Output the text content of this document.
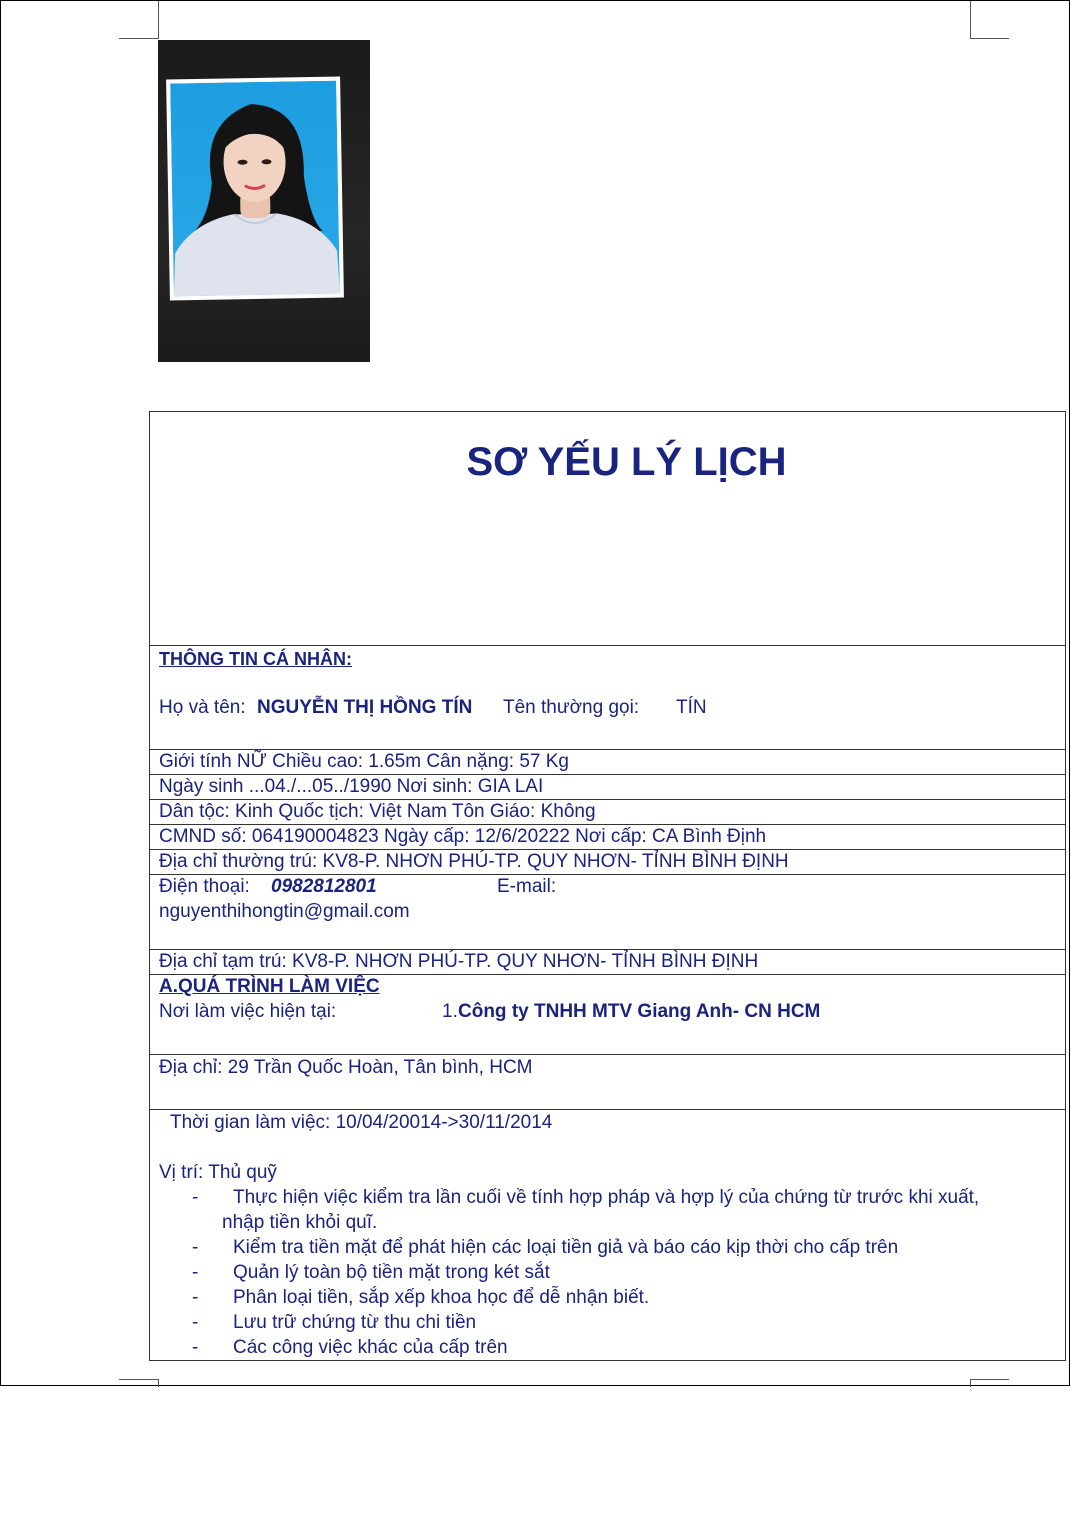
SƠ YẾU LÝ LỊCH
THÔNG TIN CÁ NHÂN:
Họ và tên: NGUYỄN THỊ HỒNG TÍN Tên thường gọi: TÍN
Giới tính NỮ Chiều cao: 1.65m Cân nặng: 57 Kg
Ngày sinh ...04./...05../1990 Nơi sinh: GIA LAI
Dân tộc: Kinh Quốc tịch: Việt Nam Tôn Giáo: Không
CMND số: 064190004823 Ngày cấp: 12/6/20222 Nơi cấp: CA Bình Định
Địa chỉ thường trú: KV8-P. NHƠN PHÚ-TP. QUY NHƠN- TỈNH BÌNH ĐỊNH
Điện thoại: 0982812801	E-mail:
nguyenthihongtin@gmail.com
Địa chỉ tạm trú: KV8-P. NHƠN PHÚ-TP. QUY NHƠN- TỈNH BÌNH ĐỊNH
A.QUÁ TRÌNH LÀM VIỆC
Nơi làm việc hiện tại:	1. Công ty TNHH MTV Giang Anh- CN HCM
Địa chỉ: 29 Trần Quốc Hoàn, Tân bình, HCM
Thời gian làm việc: 10/04/20014->30/11/2014
Vị trí: Thủ quỹ
- Thực hiện việc kiểm tra lần cuối về tính hợp pháp và hợp lý của chứng từ trước khi xuất,
nhập tiền khỏi quĩ.
- Kiểm tra tiền mặt để phát hiện các loại tiền giả và báo cáo kịp thời cho cấp trên
- Quản lý toàn bộ tiền mặt trong két sắt
- Phân loại tiền, sắp xếp khoa học để dễ nhận biết.
- Lưu trữ chứng từ thu chi tiền
- Các công việc khác của cấp trên
